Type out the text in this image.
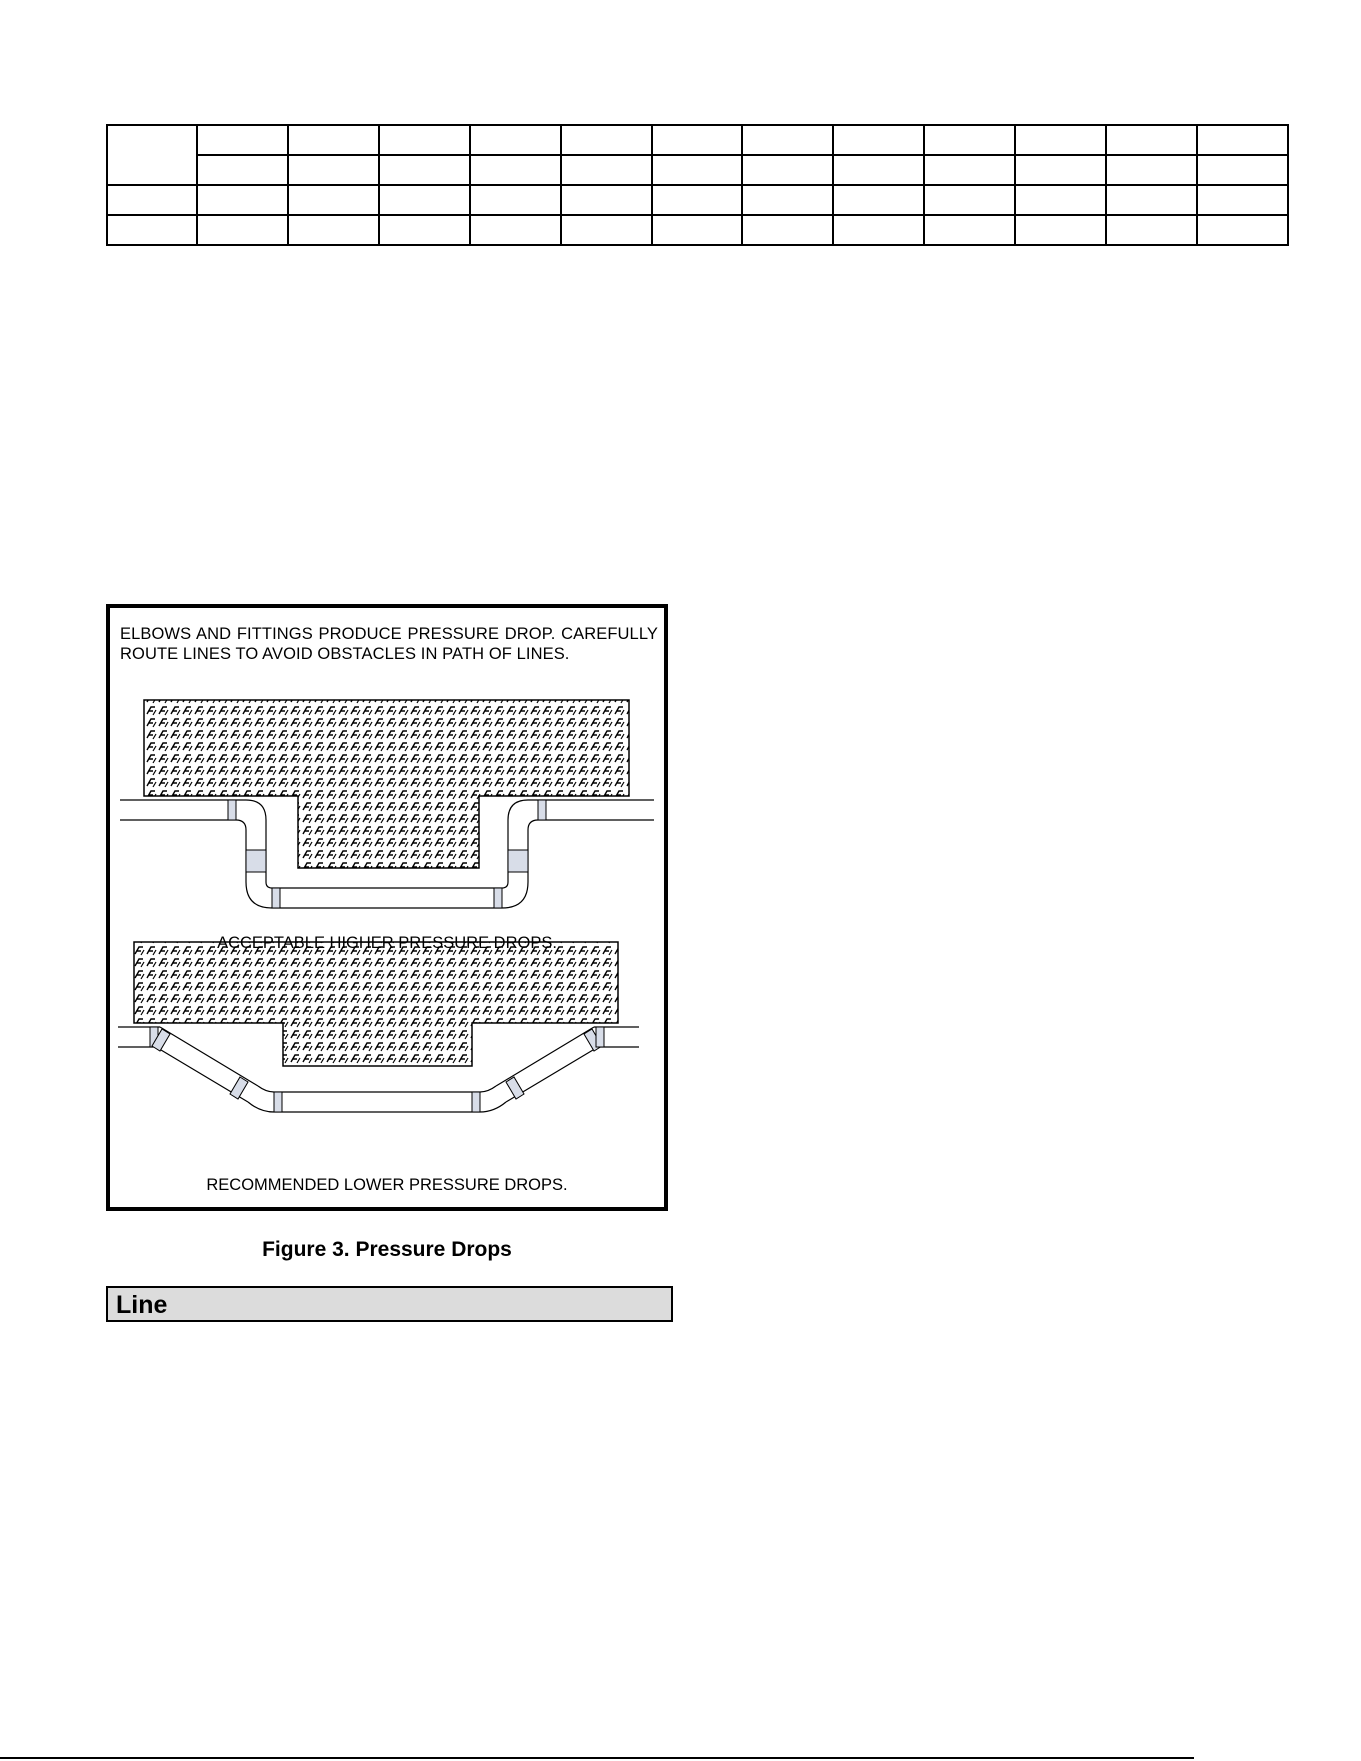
ELBOWS AND FITTINGS PRODUCE PRESSURE DROP. CAREFULLY ROUTE LINES TO AVOID OBSTACLES IN PATH OF LINES.
ACCEPTABLE HIGHER PRESSURE DROPS.
RECOMMENDED LOWER PRESSURE DROPS.
Figure 3. Pressure Drops
Line
